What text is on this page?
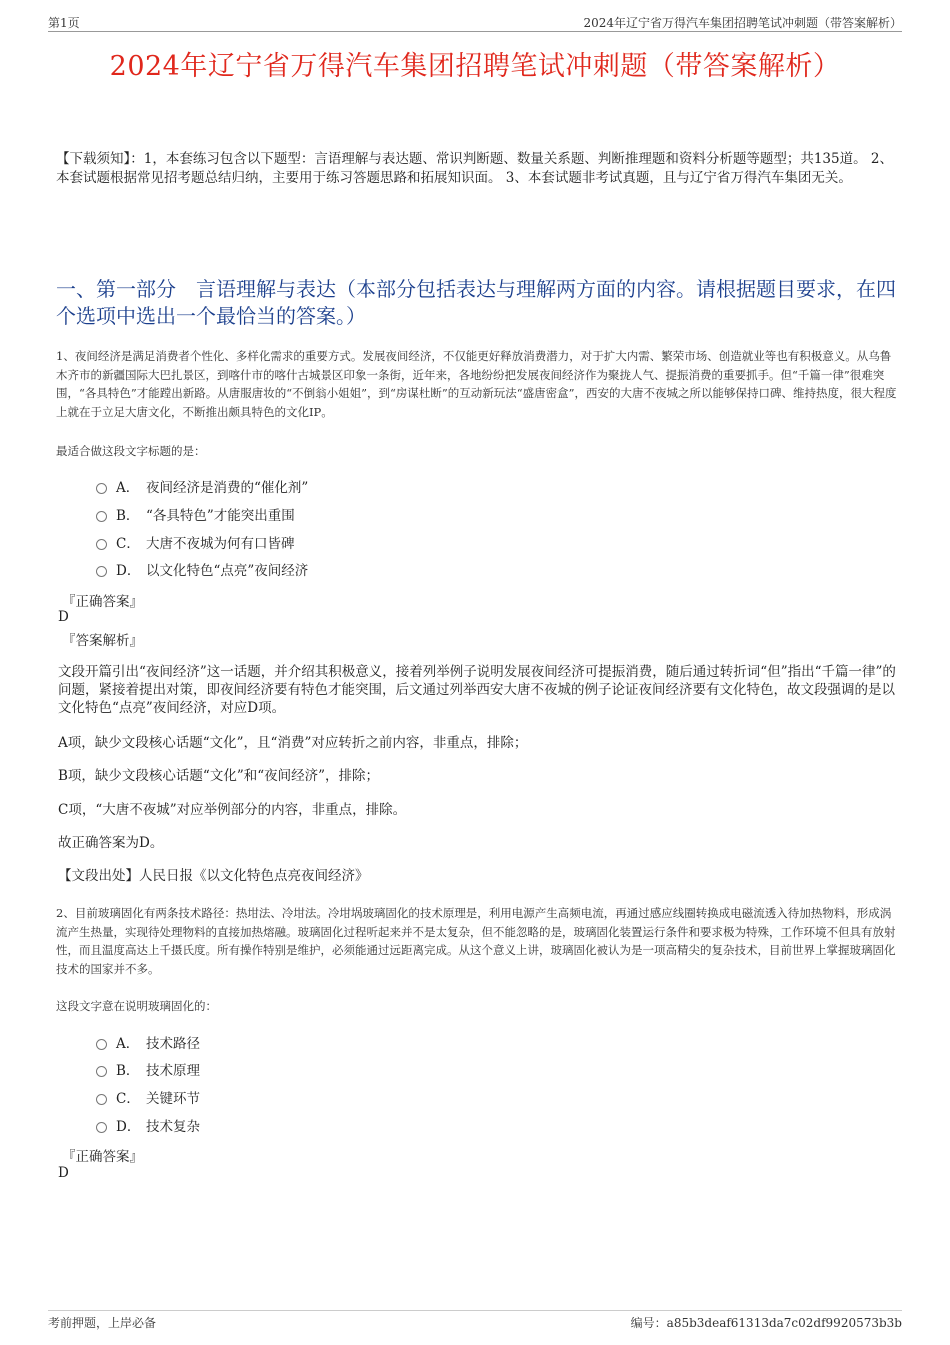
第1页	2024年辽宁省万得汽车集团招聘笔试冲刺题（带答案解析）
2024年辽宁省万得汽车集团招聘笔试冲刺题（带答案解析）
【下载须知】：1，本套练习包含以下题型：言语理解与表达题、常识判断题、数量关系题、判断推理题和资料分析题等题型；共135道。 2、本套试题根据常见招考题总结归纳，主要用于练习答题思路和拓展知识面。 3、本套试题非考试真题，且与辽宁省万得汽车集团无关。
一、第一部分　言语理解与表达（本部分包括表达与理解两方面的内容。请根据题目要求，在四个选项中选出一个最恰当的答案。）
1、夜间经济是满足消费者个性化、多样化需求的重要方式。发展夜间经济，不仅能更好释放消费潜力，对于扩大内需、繁荣市场、创造就业等也有积极意义。从乌鲁木齐市的新疆国际大巴扎景区，到喀什市的喀什古城景区印象一条街，近年来，各地纷纷把发展夜间经济作为聚拢人气、提振消费的重要抓手。但“千篇一律”很难突围，“各具特色”才能蹚出新路。从唐服唐妆的“不倒翁小姐姐”，到“房谋杜断”的互动新玩法“盛唐密盒”，西安的大唐不夜城之所以能够保持口碑、维持热度，很大程度上就在于立足大唐文化，不断推出颇具特色的文化IP。
最适合做这段文字标题的是：
A． 夜间经济是消费的“催化剂”
B． “各具特色”才能突出重围
C． 大唐不夜城为何有口皆碑
D． 以文化特色“点亮”夜间经济
『正确答案』
D
『答案解析』
文段开篇引出“夜间经济”这一话题，并介绍其积极意义，接着列举例子说明发展夜间经济可提振消费，随后通过转折词“但”指出“千篇一律”的问题，紧接着提出对策，即夜间经济要有特色才能突围，后文通过列举西安大唐不夜城的例子论证夜间经济要有文化特色，故文段强调的是以文化特色“点亮”夜间经济，对应D项。
A项，缺少文段核心话题“文化”，且“消费”对应转折之前内容，非重点，排除；
B项，缺少文段核心话题“文化”和“夜间经济”，排除；
C项，“大唐不夜城”对应举例部分的内容，非重点，排除。
故正确答案为D。
【文段出处】人民日报《以文化特色点亮夜间经济》
2、目前玻璃固化有两条技术路径：热坩法、冷坩法。冷坩埚玻璃固化的技术原理是，利用电源产生高频电流，再通过感应线圈转换成电磁流透入待加热物料，形成涡流产生热量，实现待处理物料的直接加热熔融。玻璃固化过程听起来并不是太复杂，但不能忽略的是，玻璃固化装置运行条件和要求极为特殊，工作环境不但具有放射性，而且温度高达上千摄氏度。所有操作特别是维护，必须能通过远距离完成。从这个意义上讲，玻璃固化被认为是一项高精尖的复杂技术，目前世界上掌握玻璃固化技术的国家并不多。
这段文字意在说明玻璃固化的：
A． 技术路径
B． 技术原理
C． 关键环节
D． 技术复杂
『正确答案』
D
考前押题，上岸必备	编号：a85b3deaf61313da7c02df9920573b3b
